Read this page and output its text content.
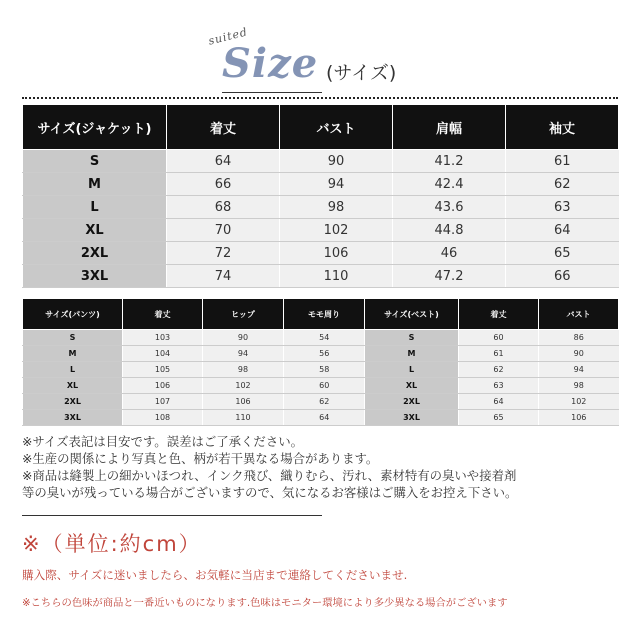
suited
Size (サイズ)
サイズ(ジャケット)	着丈	バスト	肩幅	袖丈
S	64	90	41.2	61
M	66	94	42.4	62
L	68	98	43.6	63
XL	70	102	44.8	64
2XL	72	106	46	65
3XL	74	110	47.2	66
サイズ(パンツ)	着丈	ヒップ	モモ周り
S	103	90	54
M	104	94	56
L	105	98	58
XL	106	102	60
2XL	107	106	62
3XL	108	110	64
サイズ(ベスト)	着丈	バスト
S	60	86
M	61	90
L	62	94
XL	63	98
2XL	64	102
3XL	65	106
※サイズ表記は目安です。誤差はご了承ください。
※生産の関係により写真と色、柄が若干異なる場合があります。
※商品は縫製上の細かいほつれ、インク飛び、織りむら、汚れ、素材特有の臭いや接着剤
等の臭いが残っている場合がございますので、気になるお客様はご購入をお控え下さい。
※（単位:約cm）
購入際、サイズに迷いましたら、お気軽に当店まで連絡してくださいませ.
※こちらの色味が商品と一番近いものになります.色味はモニター環境により多少異なる場合がございます
